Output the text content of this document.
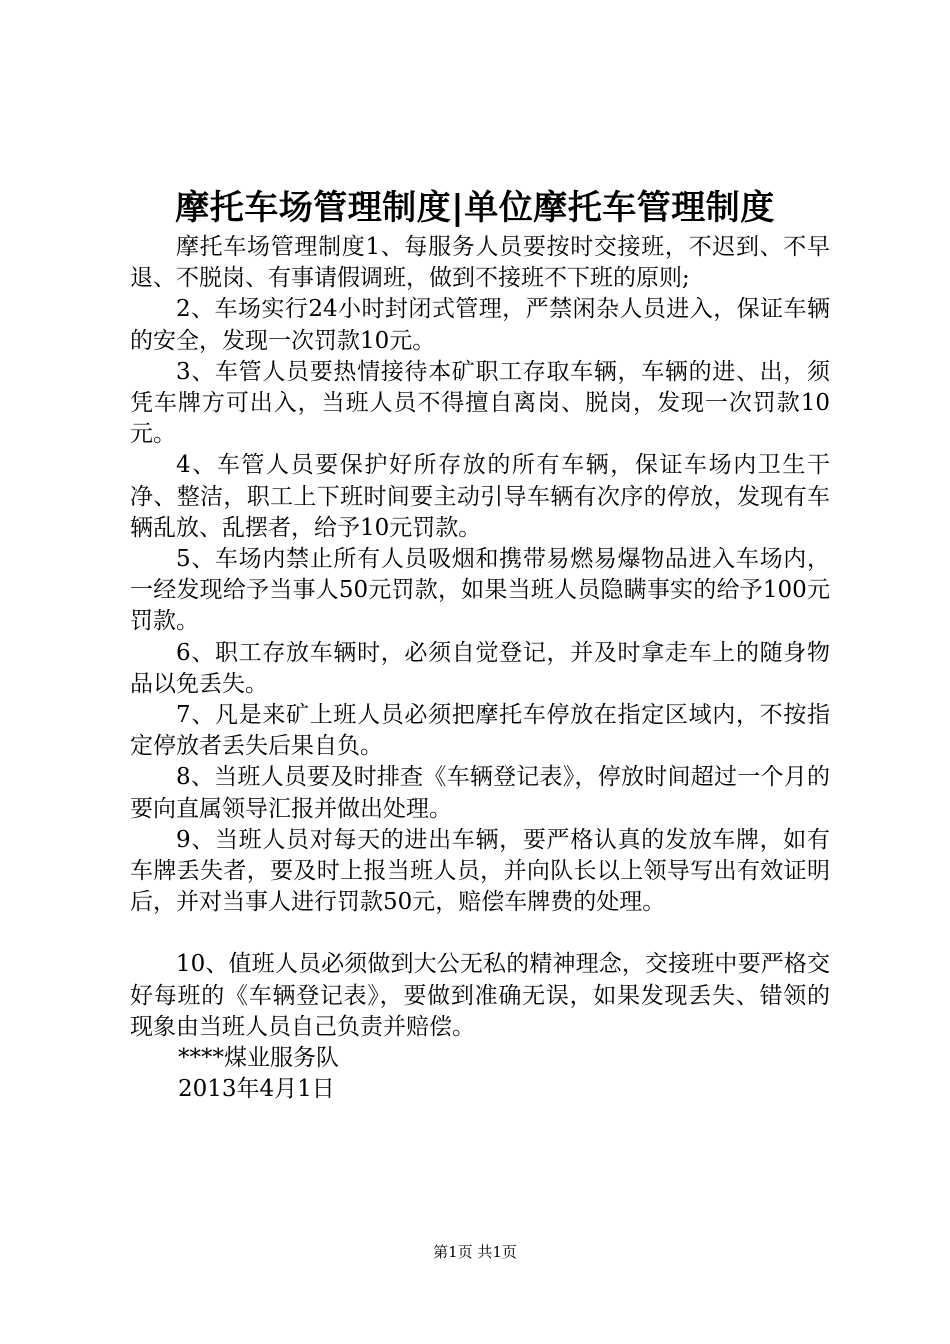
摩托车场管理制度|单位摩托车管理制度

摩托车场管理制度1、每服务人员要按时交接班，不迟到、不早退、不脱岗、有事请假调班，做到不接班不下班的原则;

2、车场实行24小时封闭式管理，严禁闲杂人员进入，保证车辆的安全，发现一次罚款10元。

3、车管人员要热情接待本矿职工存取车辆，车辆的进、出，须凭车牌方可出入，当班人员不得擅自离岗、脱岗，发现一次罚款10元。

4、车管人员要保护好所存放的所有车辆，保证车场内卫生干净、整洁，职工上下班时间要主动引导车辆有次序的停放，发现有车辆乱放、乱摆者，给予10元罚款。

5、车场内禁止所有人员吸烟和携带易燃易爆物品进入车场内，一经发现给予当事人50元罚款，如果当班人员隐瞒事实的给予100元罚款。

6、职工存放车辆时，必须自觉登记，并及时拿走车上的随身物品以免丢失。

7、凡是来矿上班人员必须把摩托车停放在指定区域内，不按指定停放者丢失后果自负。

8、当班人员要及时排查《车辆登记表》，停放时间超过一个月的要向直属领导汇报并做出处理。

9、当班人员对每天的进出车辆，要严格认真的发放车牌，如有车牌丢失者，要及时上报当班人员，并向队长以上领导写出有效证明后，并对当事人进行罚款50元，赔偿车牌费的处理。

10、值班人员必须做到大公无私的精神理念，交接班中要严格交好每班的《车辆登记表》，要做到准确无误，如果发现丢失、错领的现象由当班人员自己负责并赔偿。

****煤业服务队

2013年4月1日

第1页 共1页
